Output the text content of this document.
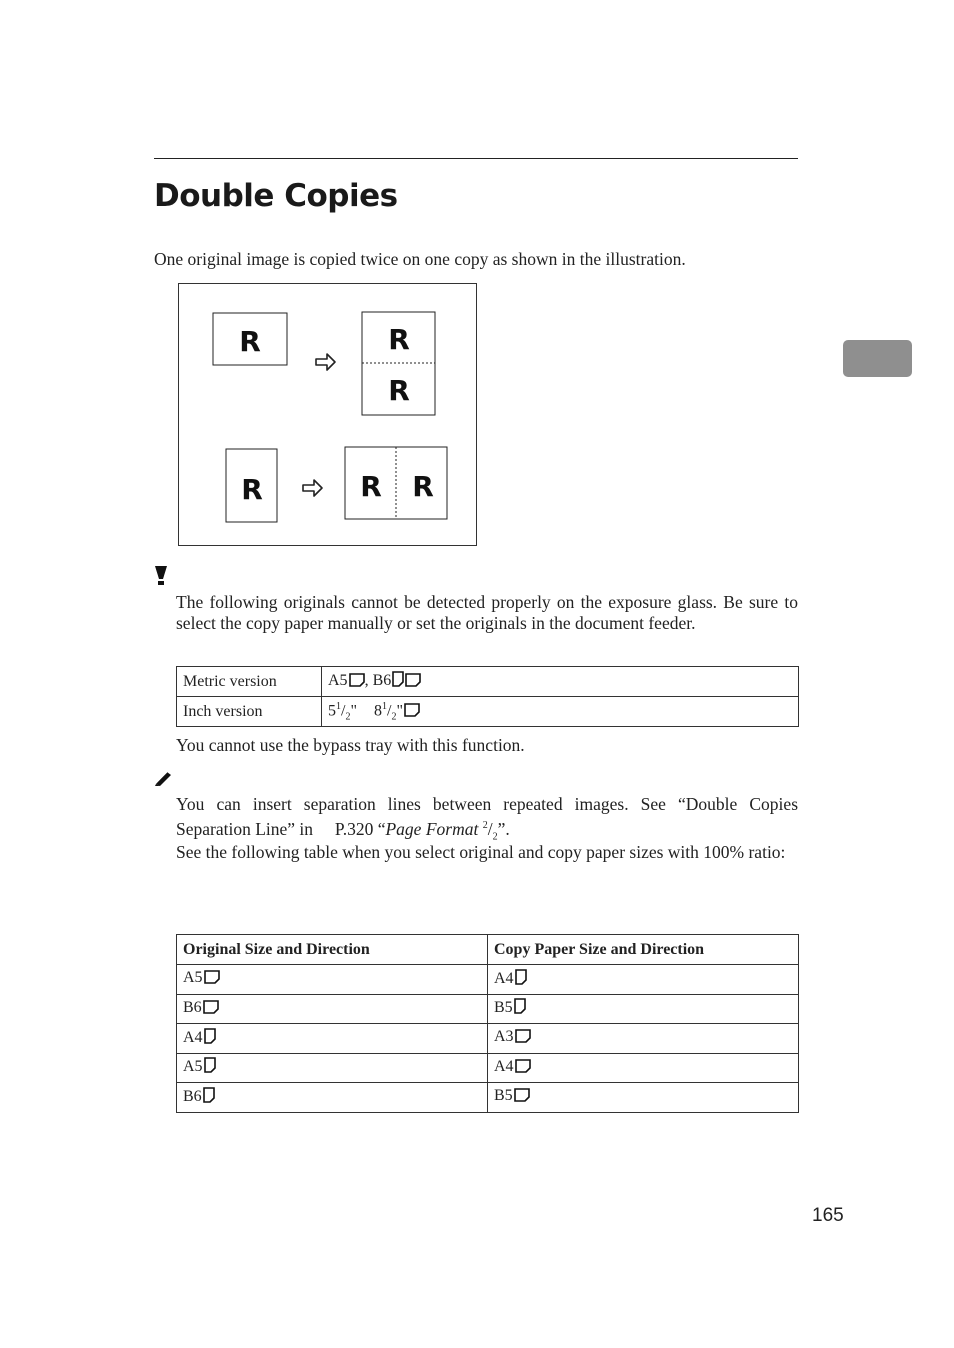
Double Copies
One original image is copied twice on one copy as shown in the illustration.
R	R
R
R	R R
The following originals cannot be detected properly on the exposure glass. Be sure to select the copy paper manually or set the originals in the document feeder.
Metric version	A5 , B6
Inch version	$5^1/_2$" $8^1/_2$"
You cannot use the bypass tray with this function.
You can insert separation lines between repeated images. See “Double Copies Separation Line” in P.320 “Page Format $^2/_2$”.
See the following table when you select original and copy paper sizes with 100% ratio:
Original Size and Direction	Copy Paper Size and Direction
A5	A4
B6	B5
A4	A3
A5	A4
B6	B5
165
